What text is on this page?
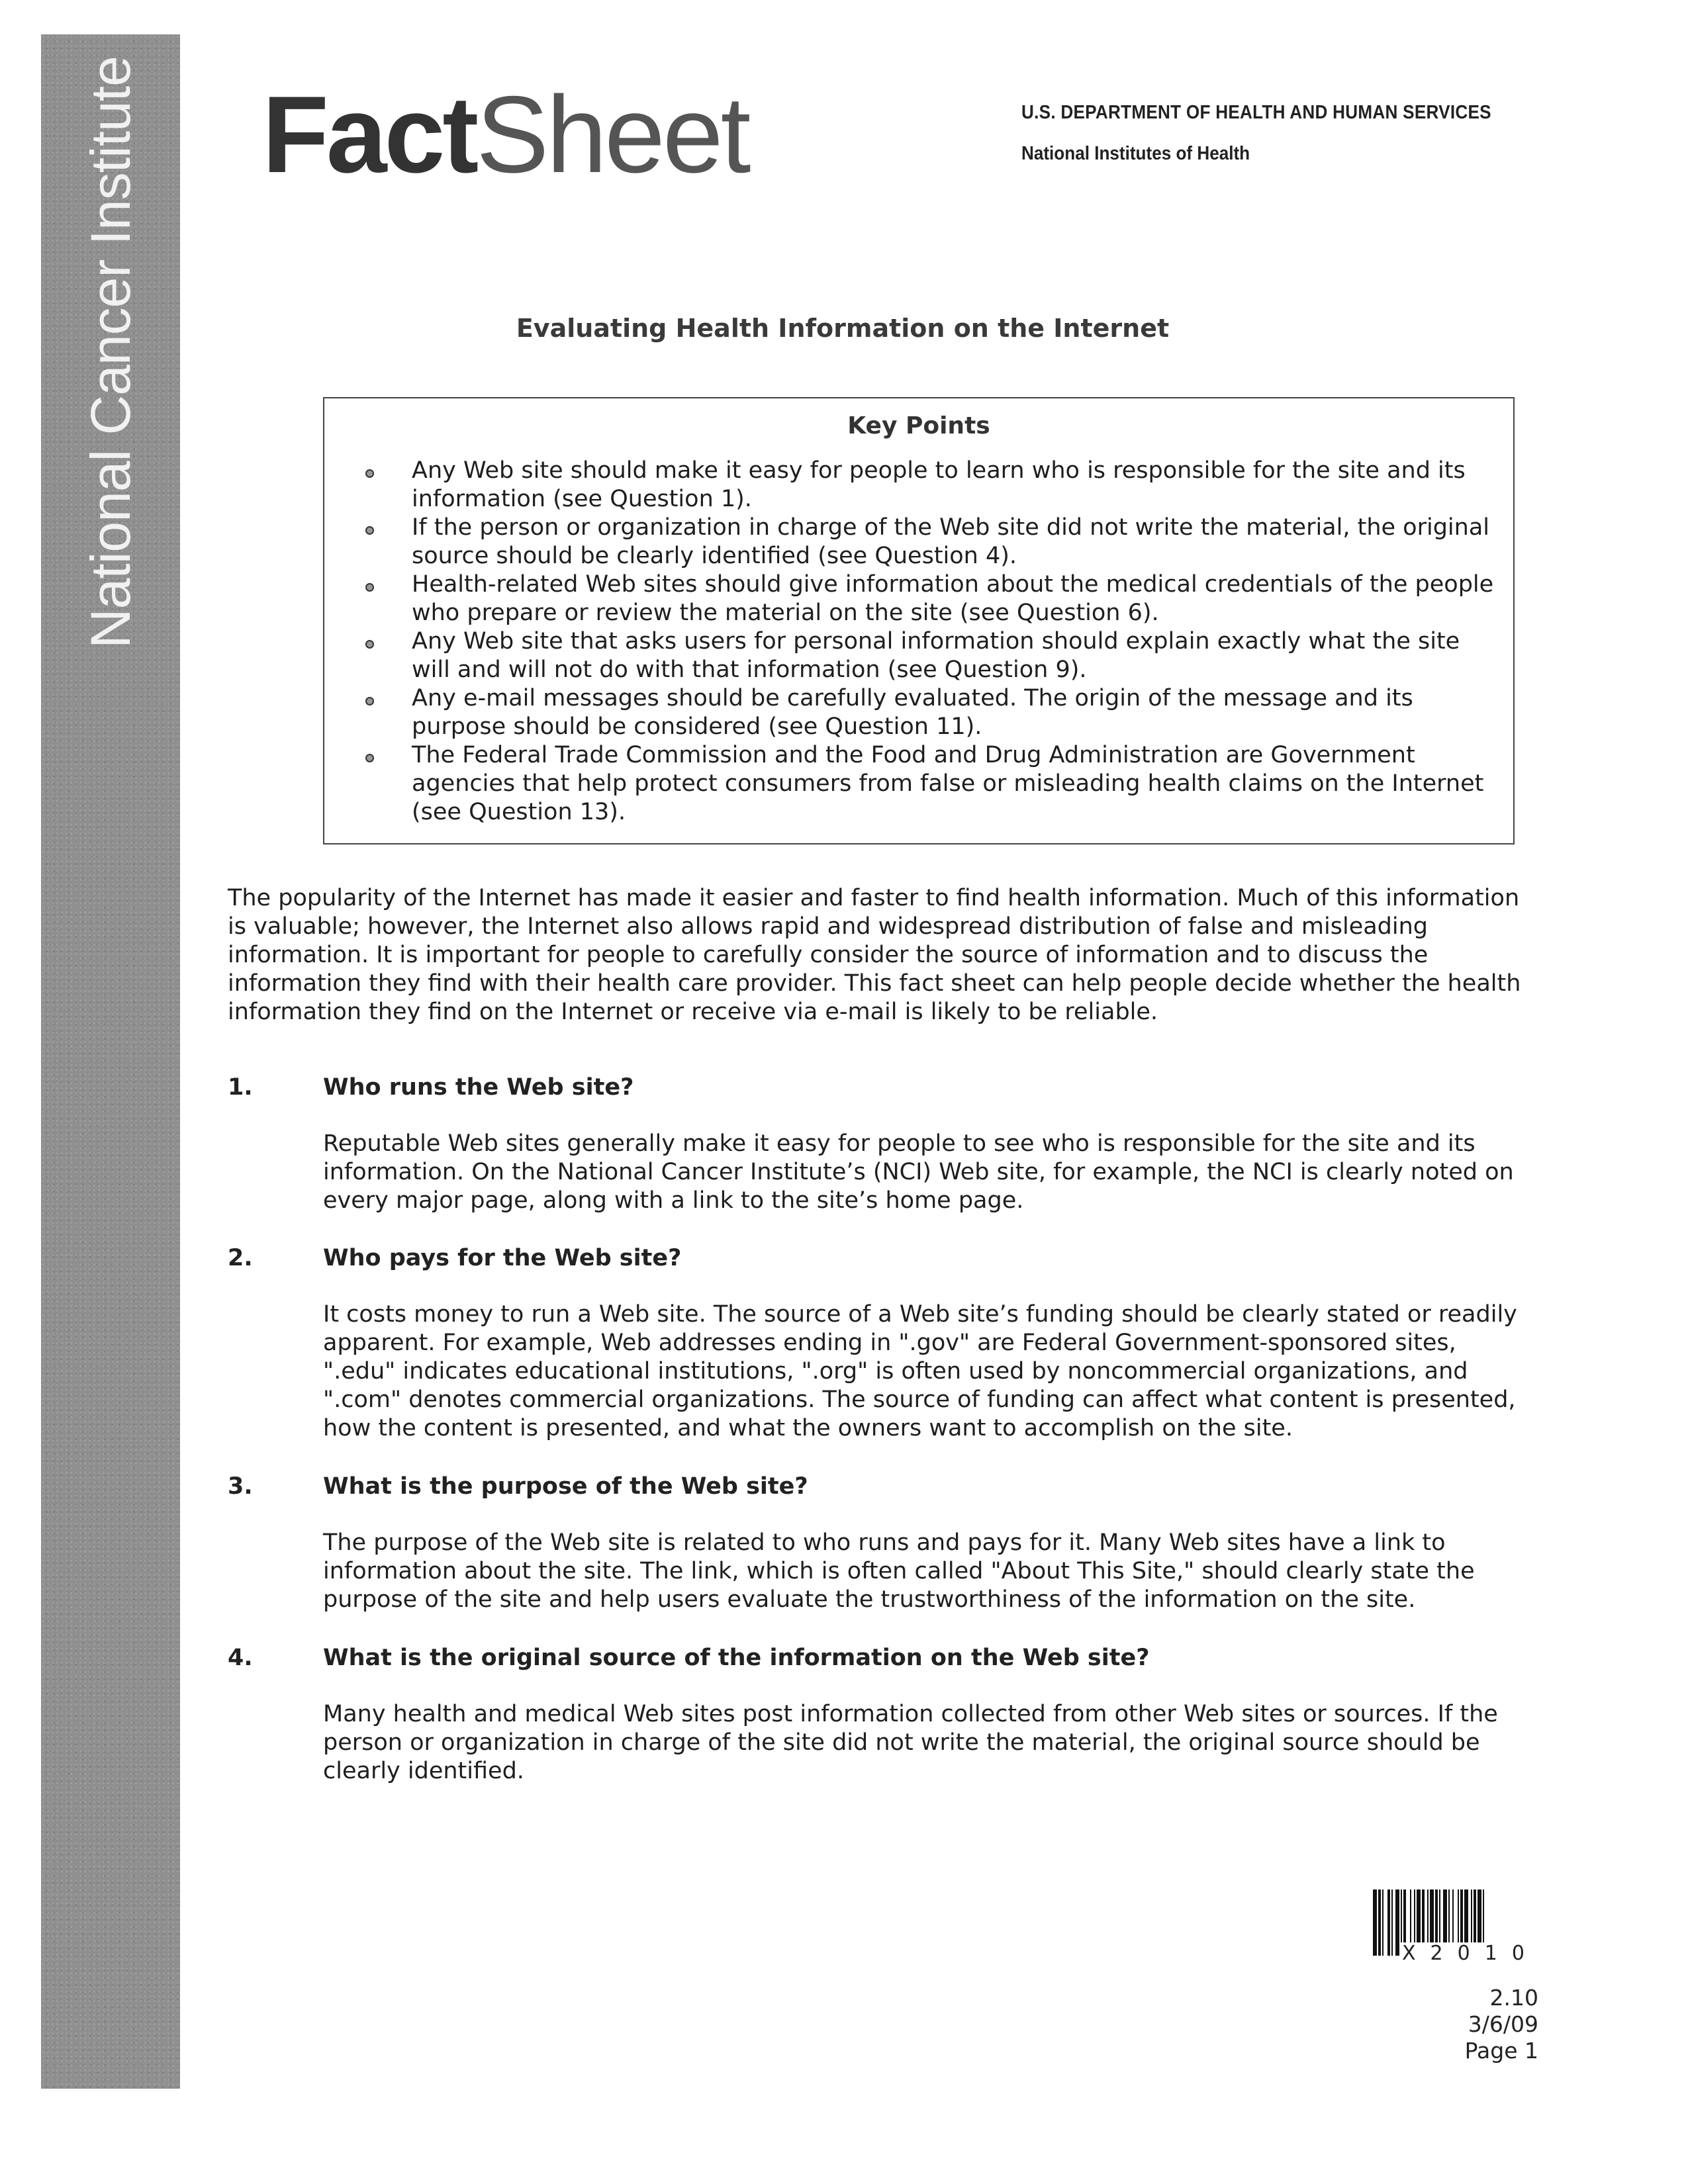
National Cancer Institute FactSheet	U.S. DEPARTMENT OF HEALTH AND HUMAN SERVICES
National Institutes of Health
Evaluating Health Information on the Internet
Key Points
Any Web site should make it easy for people to learn who is responsible for the site and its information (see Question 1).
If the person or organization in charge of the Web site did not write the material, the original source should be clearly identified (see Question 4).
Health-related Web sites should give information about the medical credentials of the people who prepare or review the material on the site (see Question 6).
Any Web site that asks users for personal information should explain exactly what the site will and will not do with that information (see Question 9).
Any e-mail messages should be carefully evaluated. The origin of the message and its purpose should be considered (see Question 11).
The Federal Trade Commission and the Food and Drug Administration are Government agencies that help protect consumers from false or misleading health claims on the Internet (see Question 13).
The popularity of the Internet has made it easier and faster to find health information. Much of this information is valuable; however, the Internet also allows rapid and widespread distribution of false and misleading information. It is important for people to carefully consider the source of information and to discuss the information they find with their health care provider. This fact sheet can help people decide whether the health information they find on the Internet or receive via e-mail is likely to be reliable.
1.	Who runs the Web site?
Reputable Web sites generally make it easy for people to see who is responsible for the site and its information. On the National Cancer Institute’s (NCI) Web site, for example, the NCI is clearly noted on every major page, along with a link to the site’s home page.
2.	Who pays for the Web site?
It costs money to run a Web site. The source of a Web site’s funding should be clearly stated or readily apparent. For example, Web addresses ending in ".gov" are Federal Government-sponsored sites, ".edu" indicates educational institutions, ".org" is often used by noncommercial organizations, and ".com" denotes commercial organizations. The source of funding can affect what content is presented, how the content is presented, and what the owners want to accomplish on the site.
3.	What is the purpose of the Web site?
The purpose of the Web site is related to who runs and pays for it. Many Web sites have a link to information about the site. The link, which is often called "About This Site," should clearly state the purpose of the site and help users evaluate the trustworthiness of the information on the site.
4.	What is the original source of the information on the Web site?
Many health and medical Web sites post information collected from other Web sites or sources. If the person or organization in charge of the site did not write the material, the original source should be clearly identified.
X2010
2.10
3/6/09
Page 1
